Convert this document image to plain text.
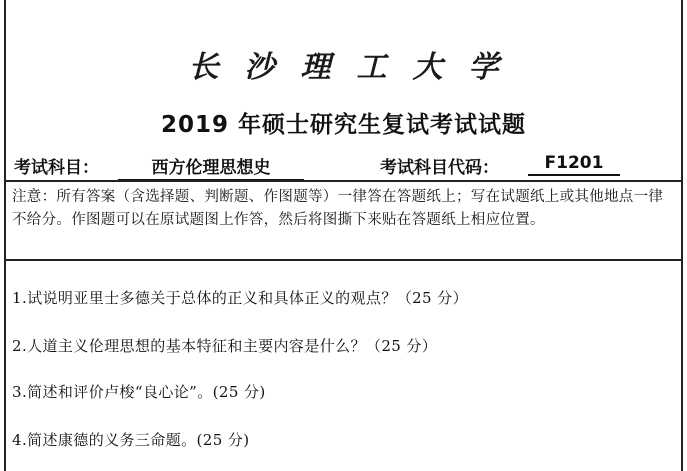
长沙理工大学
2019 年硕士研究生复试考试试题
考试科目：	西方伦理思想史	考试科目代码：	F1201
注意：所有答案（含选择题、判断题、作图题等）一律答在答题纸上；写在试题纸上或其他地点一律不给分。作图题可以在原试题图上作答，然后将图撕下来贴在答题纸上相应位置。
1.试说明亚里士多德关于总体的正义和具体正义的观点？（25 分）
2.人道主义伦理思想的基本特征和主要内容是什么？（25 分）
3.简述和评价卢梭“良心论”。(25 分)
4.简述康德的义务三命题。(25 分)
